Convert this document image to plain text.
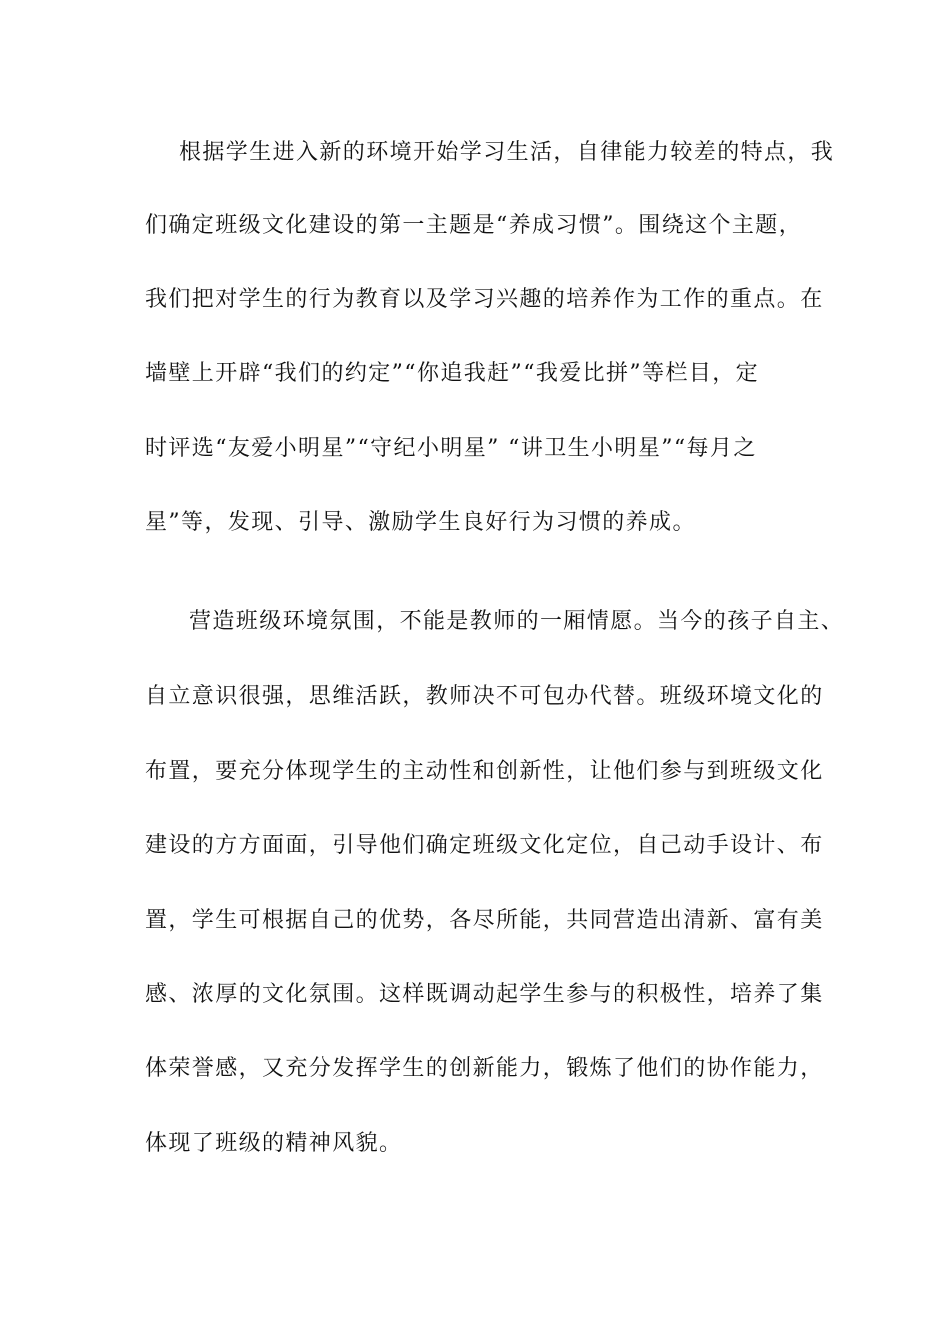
根据学生进入新的环境开始学习生活，自律能力较差的特点，我
们确定班级文化建设的第一主题是“养成习惯”。围绕这个主题，
我们把对学生的行为教育以及学习兴趣的培养作为工作的重点。在
墙壁上开辟“我们的约定”“你追我赶”“我爱比拼”等栏目，定
时评选“友爱小明星”“守纪小明星” “讲卫生小明星”“每月之
星”等，发现、引导、激励学生良好行为习惯的养成。
营造班级环境氛围，不能是教师的一厢情愿。当今的孩子自主、
自立意识很强，思维活跃，教师决不可包办代替。班级环境文化的
布置，要充分体现学生的主动性和创新性，让他们参与到班级文化
建设的方方面面，引导他们确定班级文化定位，自己动手设计、布
置，学生可根据自己的优势，各尽所能，共同营造出清新、富有美
感、浓厚的文化氛围。这样既调动起学生参与的积极性，培养了集
体荣誉感，又充分发挥学生的创新能力，锻炼了他们的协作能力，
体现了班级的精神风貌。
